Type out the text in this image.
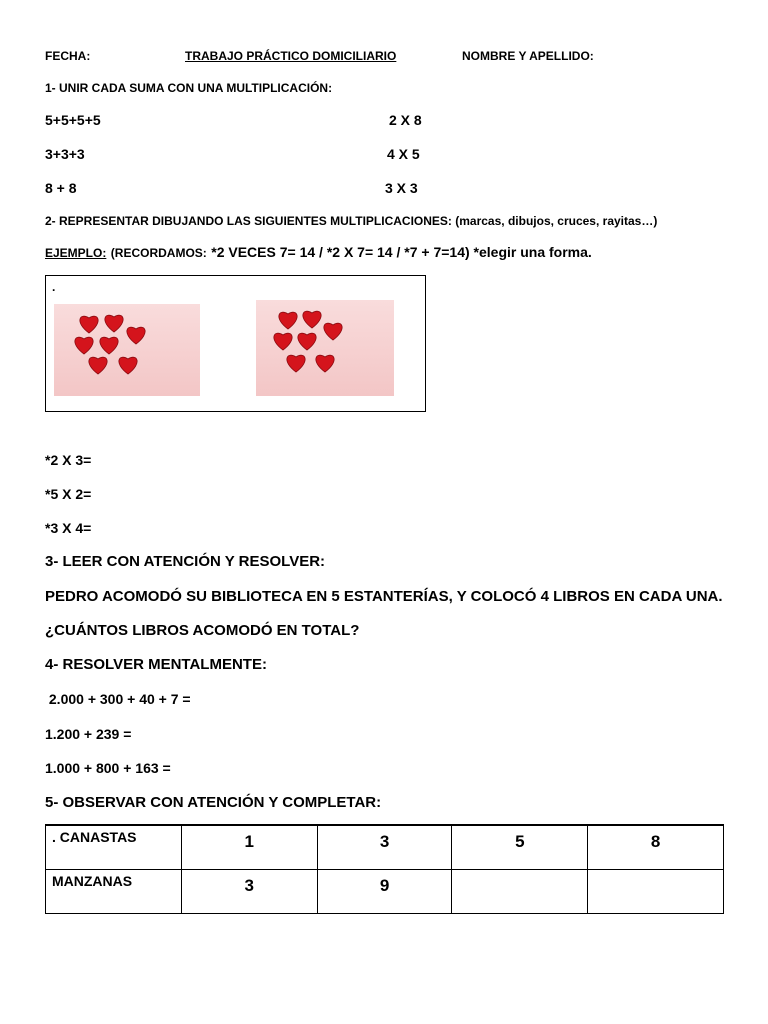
FECHA:	TRABAJO PRÁCTICO DOMICILIARIO	NOMBRE Y APELLIDO:
1- UNIR CADA SUMA CON UNA MULTIPLICACIÓN:
5+5+5+5
3+3+3
8 + 8
2 X 8
4 X 5
3 X 3
2- REPRESENTAR DIBUJANDO LAS SIGUIENTES MULTIPLICACIONES: (marcas, dibujos, cruces, rayitas…)
EJEMPLO: (RECORDAMOS: *2 VECES 7= 14 / *2 X 7= 14 / *7 + 7=14) *elegir una forma.
.
*2 X 3=
*5 X 2=
*3 X 4=
3- LEER CON ATENCIÓN Y RESOLVER:
PEDRO ACOMODÓ SU BIBLIOTECA EN 5 ESTANTERÍAS, Y COLOCÓ 4 LIBROS EN CADA UNA.
¿CUÁNTOS LIBROS ACOMODÓ EN TOTAL?
4- RESOLVER MENTALMENTE:
2.000 + 300 + 40 + 7 =
1.200 + 239 =
1.000 + 800 + 163 =
5- OBSERVAR CON ATENCIÓN Y COMPLETAR:
. CANASTAS	1	3	5	8
MANZANAS	3	9		
